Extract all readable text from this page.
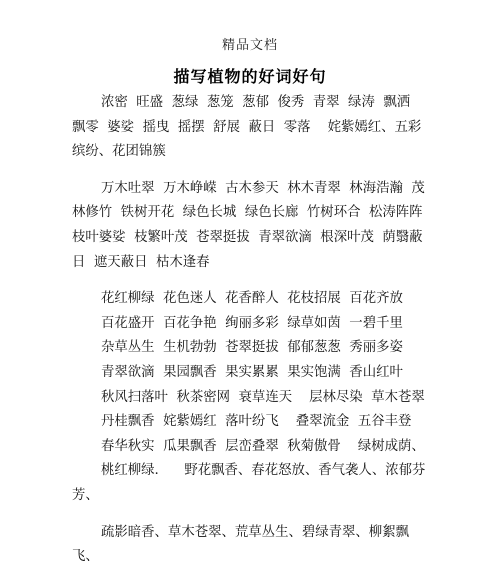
精品文档
描写植物的好词好句

浓密  旺盛  葱绿  葱笼  葱郁  俊秀  青翠  绿涛  飘洒  飘零  婆娑  摇曳  摇摆  舒展  蔽日  零落    姹紫嫣红、五彩缤纷、花团锦簇

万木吐翠  万木峥嵘  古木参天  林木青翠  林海浩瀚  茂林修竹  铁树开花  绿色长城  绿色长廊  竹树环合  松涛阵阵  枝叶婆娑  枝繁叶茂  苍翠挺拔  青翠欲滴  根深叶茂  荫翳蔽日  遮天蔽日  枯木逢春

花红柳绿  花色迷人  花香醉人  花枝招展  百花齐放

百花盛开  百花争艳  绚丽多彩  绿草如茵  一碧千里

杂草丛生  生机勃勃  苍翠挺拔  郁郁葱葱  秀丽多姿

青翠欲滴  果园飘香  果实累累  果实饱满  香山红叶

秋风扫落叶  秋茶密网  衰草连天    层林尽染  草木苍翠

丹桂飘香  姹紫嫣红  落叶纷飞    叠翠流金  五谷丰登

春华秋实  瓜果飘香  层峦叠翠  秋菊傲骨    绿树成荫、

桃红柳绿.      野花飘香、春花怒放、香气袭人、浓郁芬芳、

疏影暗香、草木苍翠、荒草丛生、碧绿青翠、柳絮飘飞、
